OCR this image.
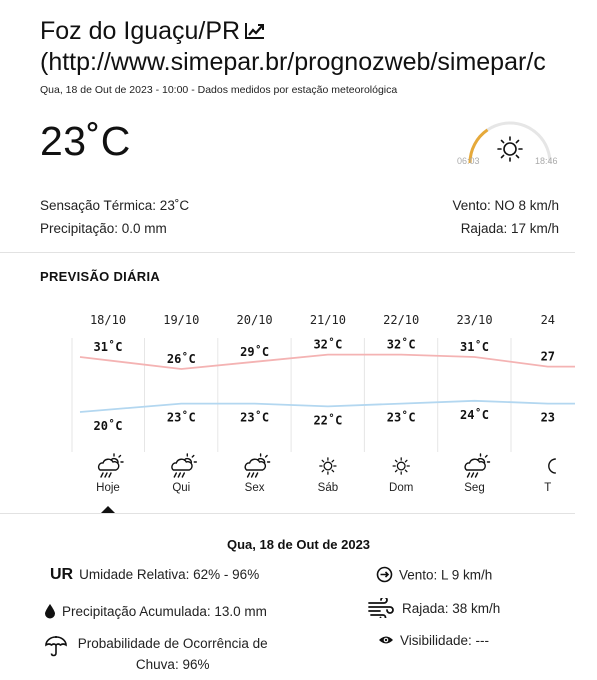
Foz do Iguaçu/PR
(http://www.simepar.br/prognozweb/simepar/c
Qua, 18 de Out de 2023 - 10:00 - Dados medidos por estação meteorológica
23˚C	06:03	18:46
Sensação Térmica: 23˚C
Precipitação: 0.0 mm
Vento: NO 8 km/h
Rajada: 17 km/h
PREVISÃO DIÁRIA
18/10
31˚C
20˚C
Hoje
19/10
26˚C
23˚C
Qui
20/10
29˚C
23˚C
Sex
21/10
32˚C
22˚C
Sáb
22/10
32˚C
23˚C
Dom
23/10
31˚C
24˚C
Seg
24
27
23
T
Qua, 18 de Out de 2023
UR Umidade Relativa: 62% - 96%
Precipitação Acumulada: 13.0 mm

Probabilidade de Ocorrência de
Chuva: 96%
Vento: L 9 km/h
Rajada: 38 km/h
Visibilidade: ---
